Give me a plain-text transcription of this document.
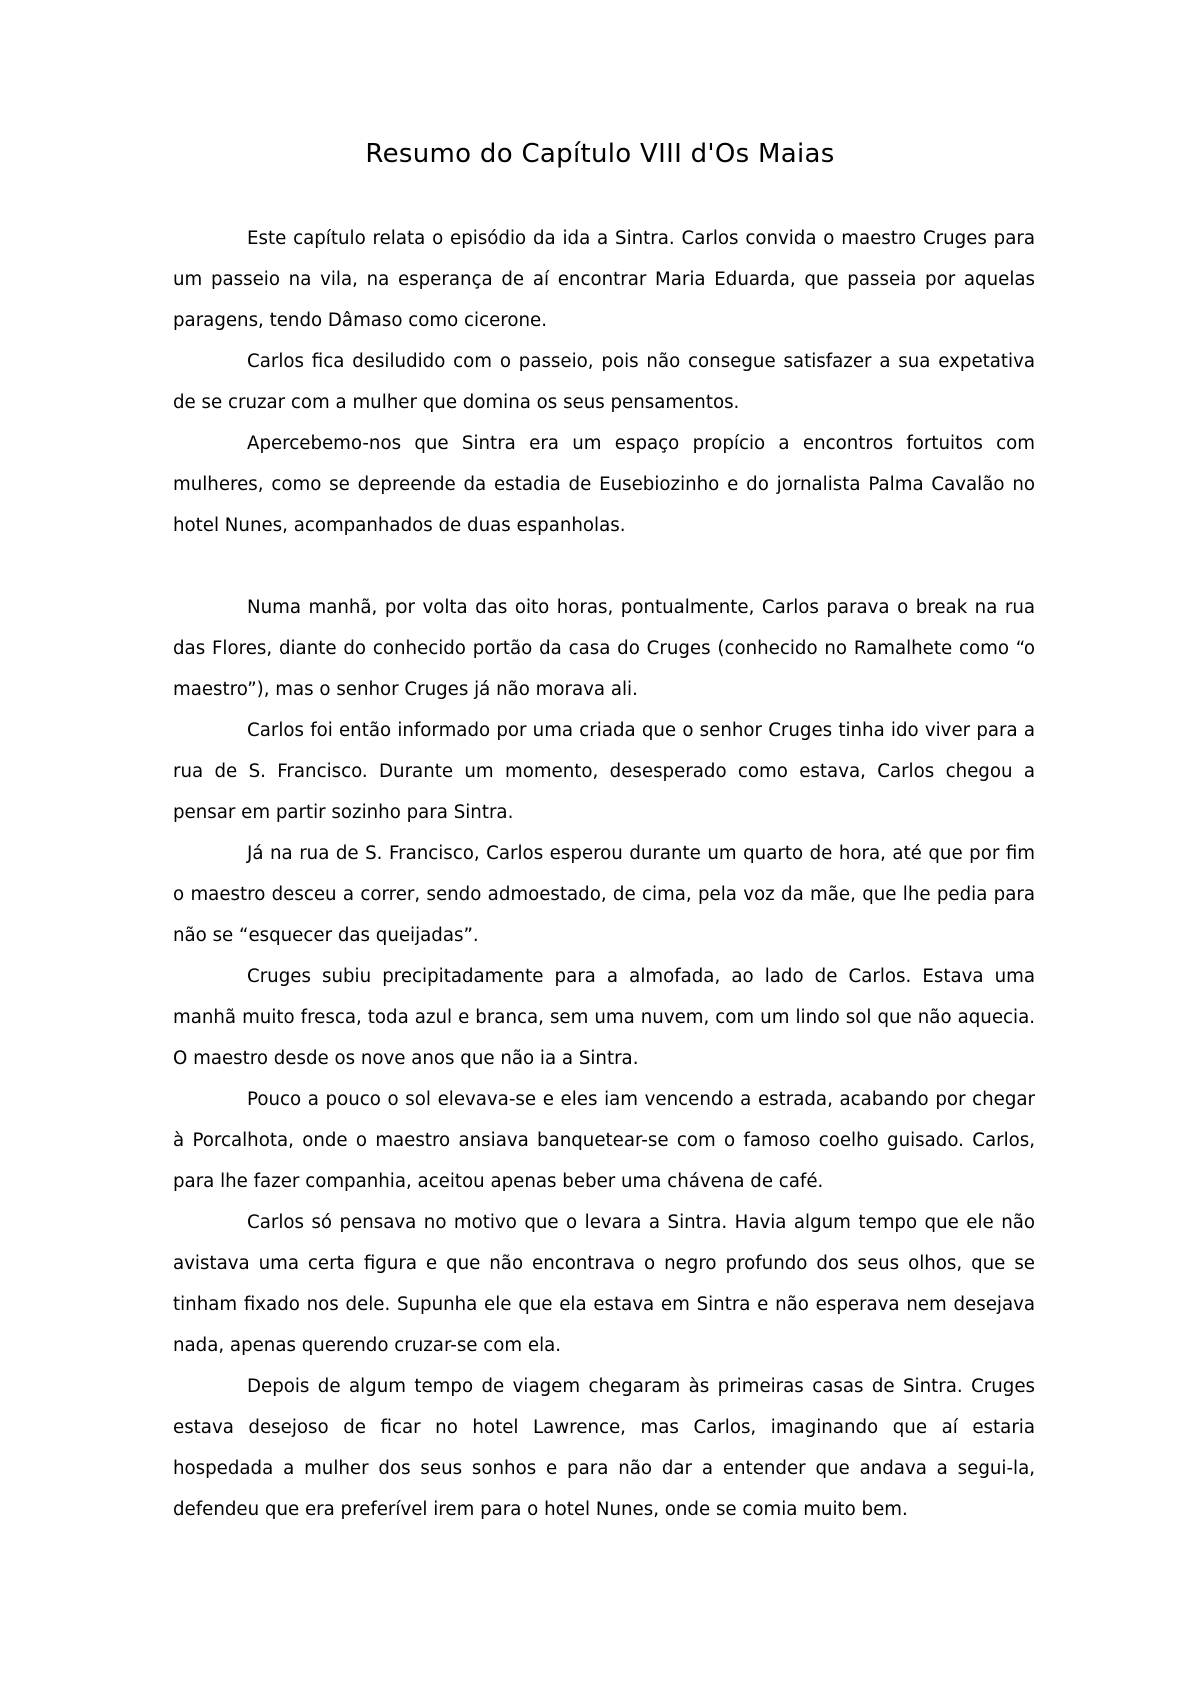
Resumo do Capítulo VIII d'Os Maias

Este capítulo relata o episódio da ida a Sintra. Carlos convida o maestro Cruges para um passeio na vila, na esperança de aí encontrar Maria Eduarda, que passeia por aquelas paragens, tendo Dâmaso como cicerone.

Carlos fica desiludido com o passeio, pois não consegue satisfazer a sua expetativa de se cruzar com a mulher que domina os seus pensamentos.

Apercebemo-nos que Sintra era um espaço propício a encontros fortuitos com mulheres, como se depreende da estadia de Eusebiozinho e do jornalista Palma Cavalão no hotel Nunes, acompanhados de duas espanholas.

Numa manhã, por volta das oito horas, pontualmente, Carlos parava o break na rua das Flores, diante do conhecido portão da casa do Cruges (conhecido no Ramalhete como “o maestro”), mas o senhor Cruges já não morava ali.

Carlos foi então informado por uma criada que o senhor Cruges tinha ido viver para a rua de S. Francisco. Durante um momento, desesperado como estava, Carlos chegou a pensar em partir sozinho para Sintra.

Já na rua de S. Francisco, Carlos esperou durante um quarto de hora, até que por fim o maestro desceu a correr, sendo admoestado, de cima, pela voz da mãe, que lhe pedia para não se “esquecer das queijadas”.

Cruges subiu precipitadamente para a almofada, ao lado de Carlos. Estava uma manhã muito fresca, toda azul e branca, sem uma nuvem, com um lindo sol que não aquecia. O maestro desde os nove anos que não ia a Sintra.

Pouco a pouco o sol elevava-se e eles iam vencendo a estrada, acabando por chegar à Porcalhota, onde o maestro ansiava banquetear-se com o famoso coelho guisado. Carlos, para lhe fazer companhia, aceitou apenas beber uma chávena de café.

Carlos só pensava no motivo que o levara a Sintra. Havia algum tempo que ele não avistava uma certa figura e que não encontrava o negro profundo dos seus olhos, que se tinham fixado nos dele. Supunha ele que ela estava em Sintra e não esperava nem desejava nada, apenas querendo cruzar-se com ela.

Depois de algum tempo de viagem chegaram às primeiras casas de Sintra. Cruges estava desejoso de ficar no hotel Lawrence, mas Carlos, imaginando que aí estaria hospedada a mulher dos seus sonhos e para não dar a entender que andava a segui-la, defendeu que era preferível irem para o hotel Nunes, onde se comia muito bem.
